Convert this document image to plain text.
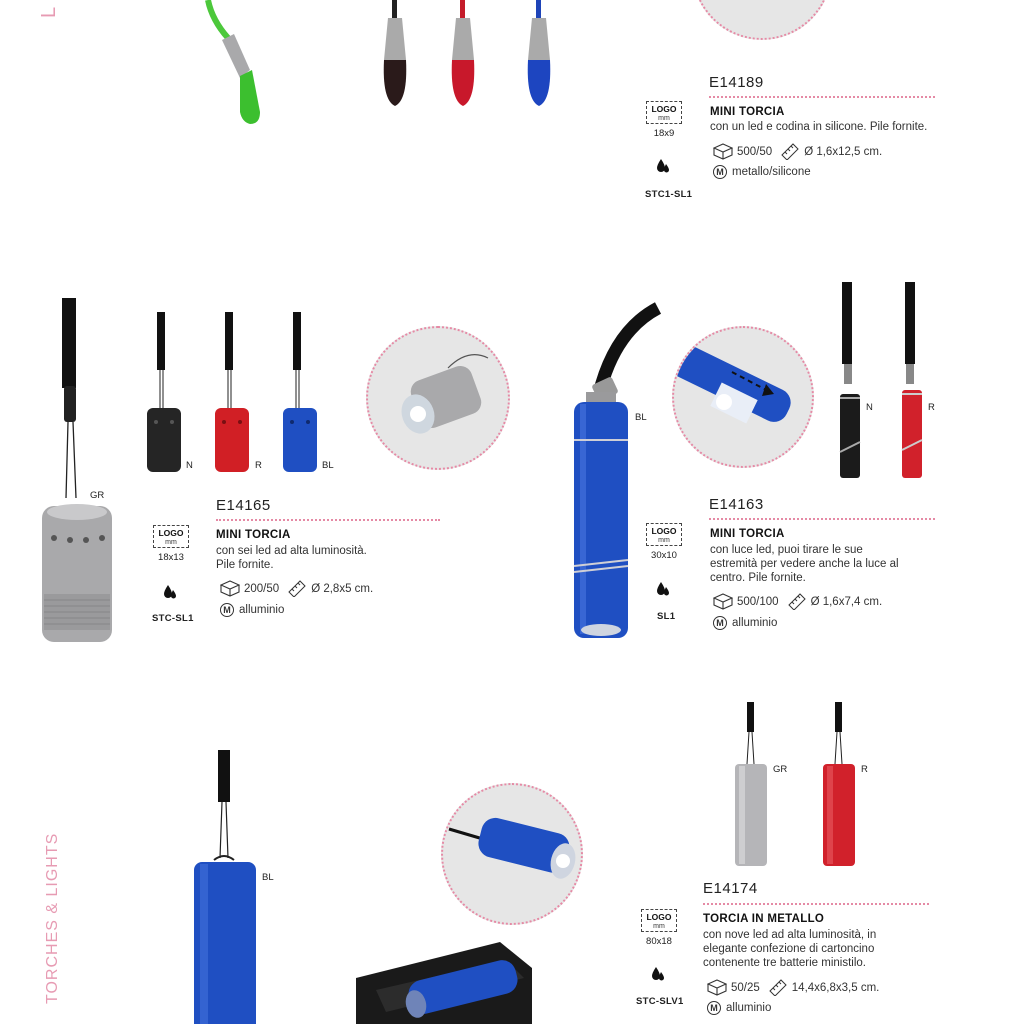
L
TORCHES & LIGHTS
E14189
MINI TORCIA
con un led e codina in silicone. Pile fornite.
500/50	Ø 1,6x12,5 cm.
M metallo/silicone
LOGO
mm
18x9
STC1-SL1
GR
N	R	BL
E14165
MINI TORCIA
con sei led ad alta luminosità.
Pile fornite.
200/50	Ø 2,8x5 cm.
M alluminio
LOGO
mm
18x13
STC-SL1
BL
N	R
E14163
MINI TORCIA
con luce led, puoi tirare le sue
estremità per vedere anche la luce al
centro. Pile fornite.
500/100	Ø 1,6x7,4 cm.
M alluminio
LOGO
mm
30x10
SL1
BL
GR	R
E14174
TORCIA IN METALLO
con nove led ad alta luminosità, in
elegante confezione di cartoncino
contenente tre batterie ministilo.
50/25	14,4x6,8x3,5 cm.
M alluminio
LOGO
mm
80x18
STC-SLV1
